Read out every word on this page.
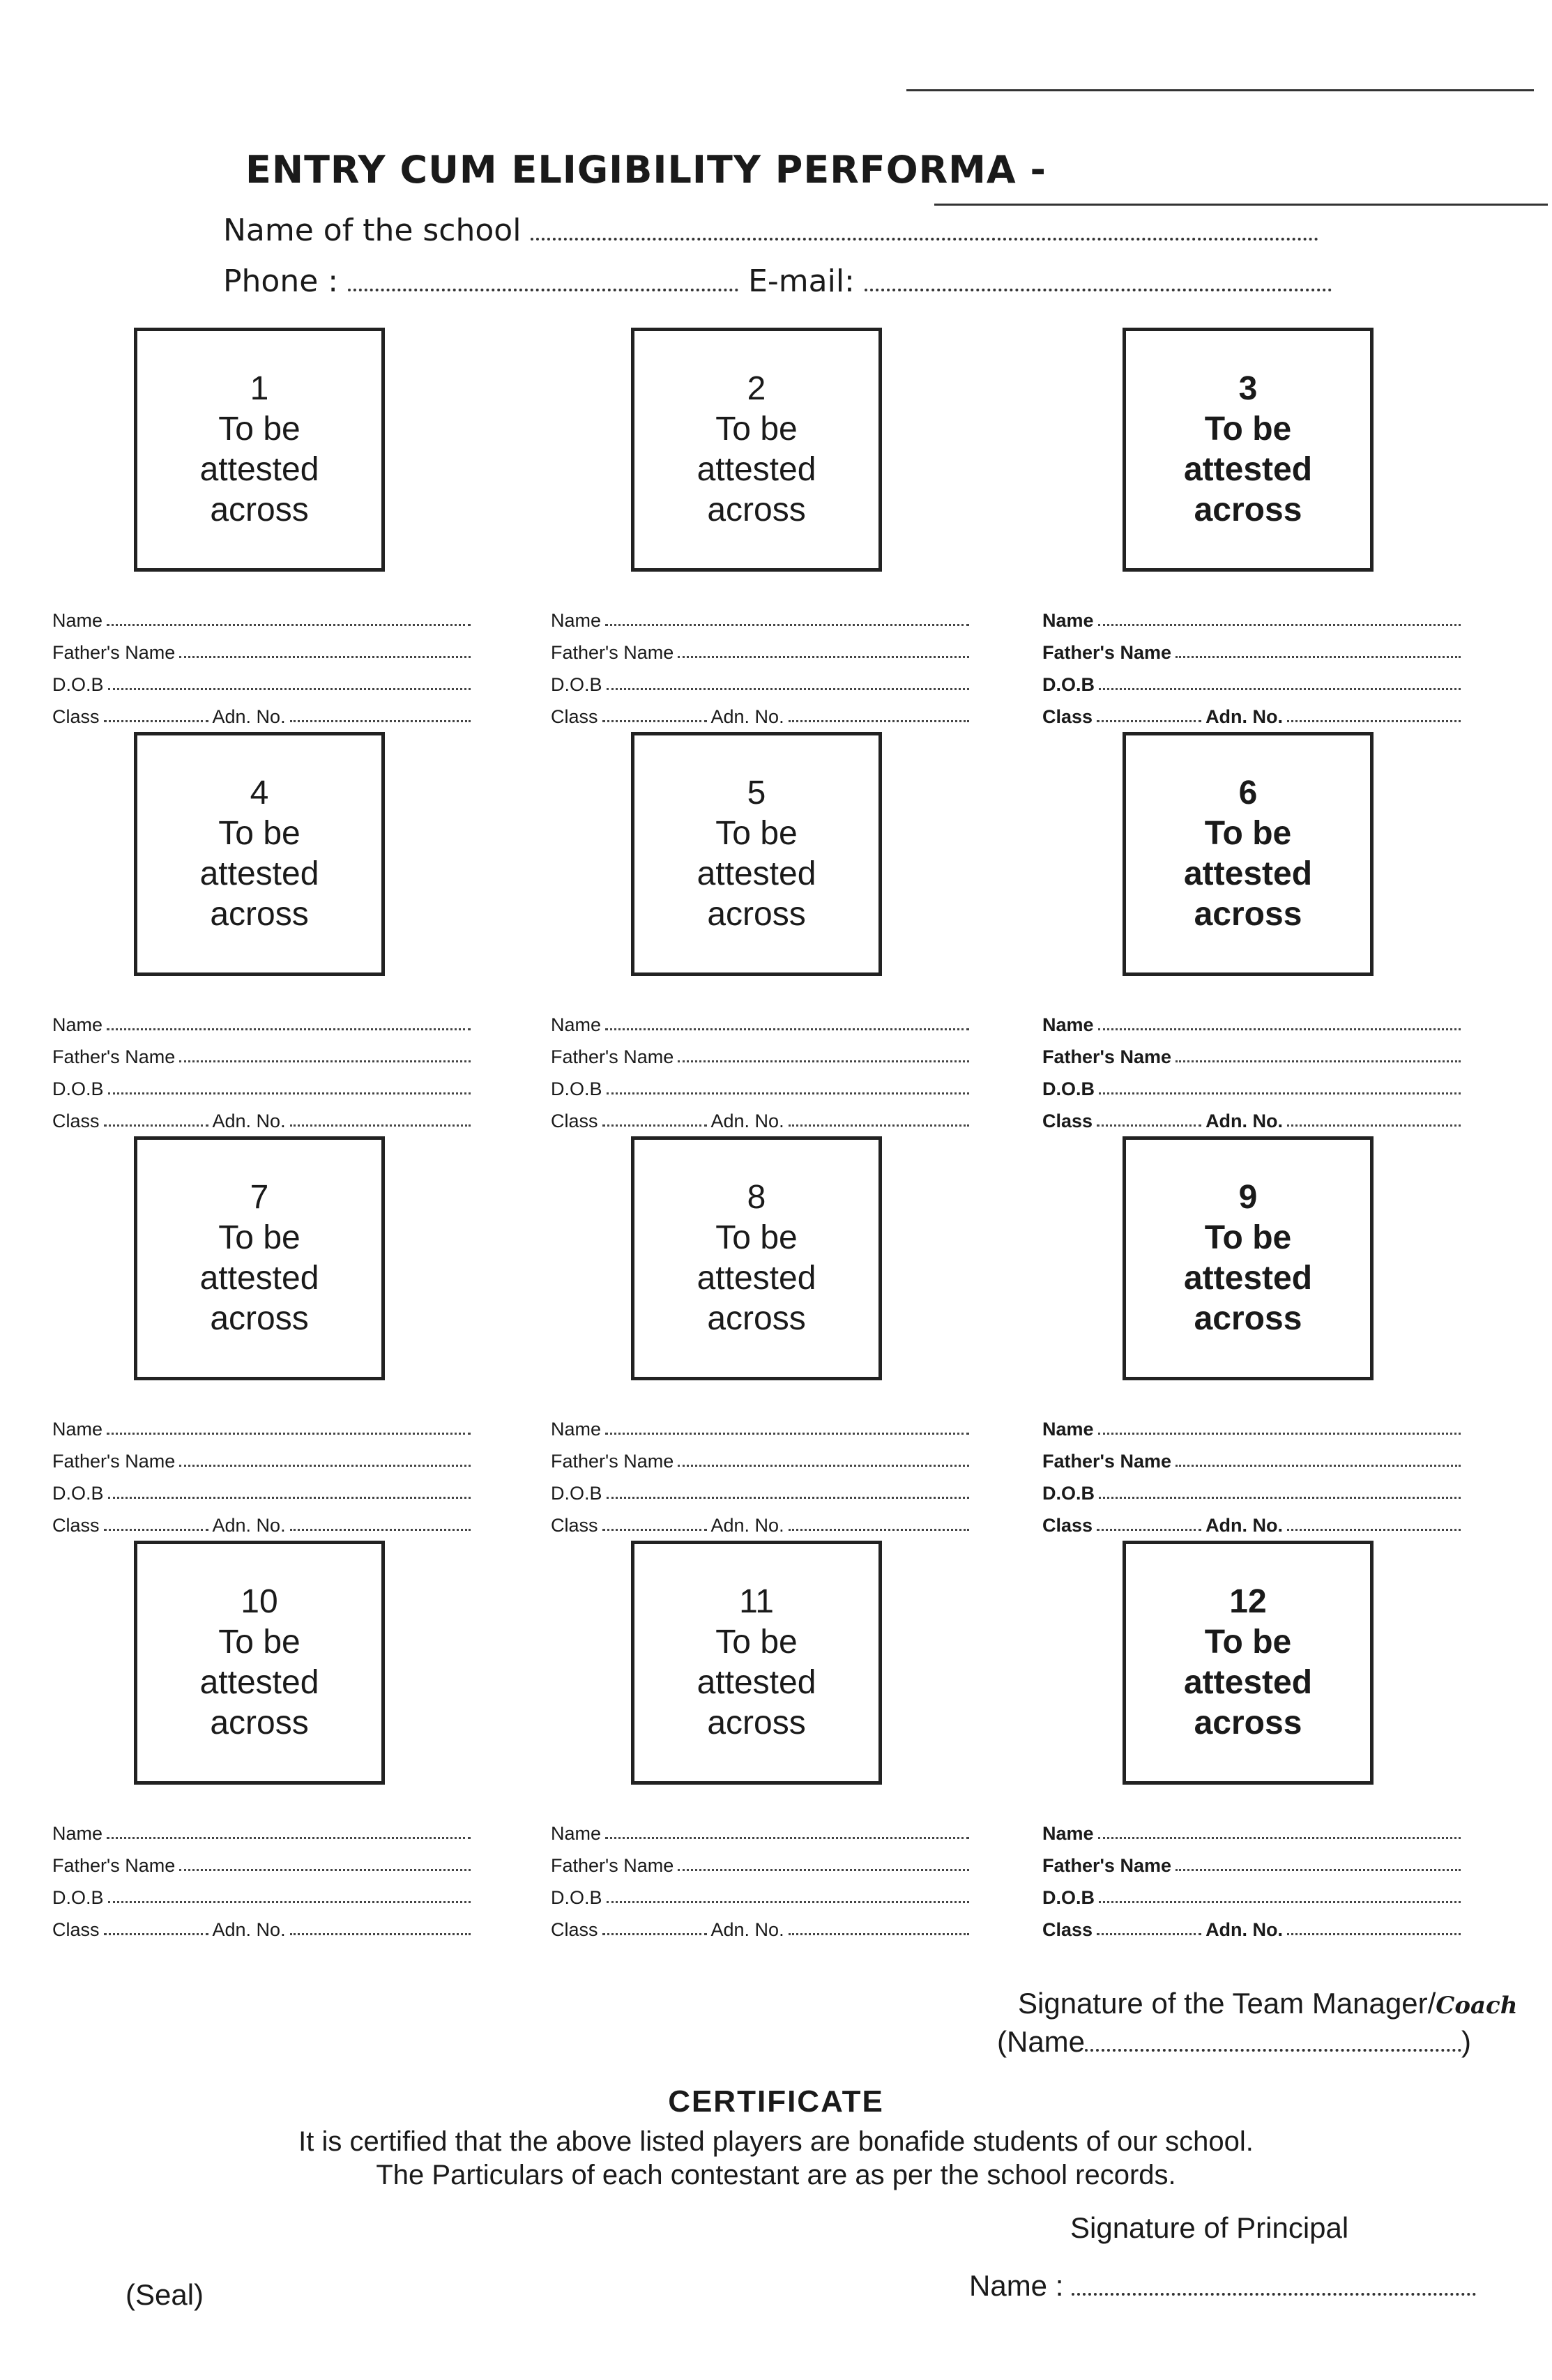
ENTRY CUM ELIGIBILITY PERFORMA -
Name of the school
Phone :	E-mail:
1
To be attested across
Name
Father's Name
D.O.B
Class	Adn. No.
2
To be attested across
Name
Father's Name
D.O.B
Class	Adn. No.
3
To be attested across
Name
Father's Name
D.O.B
Class	Adn. No.
4
To be attested across
Name
Father's Name
D.O.B
Class	Adn. No.
5
To be attested across
Name
Father's Name
D.O.B
Class	Adn. No.
6
To be attested across
Name
Father's Name
D.O.B
Class	Adn. No.
7
To be attested across
Name
Father's Name
D.O.B
Class	Adn. No.
8
To be attested across
Name
Father's Name
D.O.B
Class	Adn. No.
9
To be attested across
Name
Father's Name
D.O.B
Class	Adn. No.
10
To be attested across
Name
Father's Name
D.O.B
Class	Adn. No.
11
To be attested across
Name
Father's Name
D.O.B
Class	Adn. No.
12
To be attested across
Name
Father's Name
D.O.B
Class	Adn. No.
Signature of the Team Manager/Coach
(Name	)
CERTIFICATE
It is certified that the above listed players are bonafide students of our school.
The Particulars of each contestant are as per the school records.
Signature of Principal
Name :
(Seal)
